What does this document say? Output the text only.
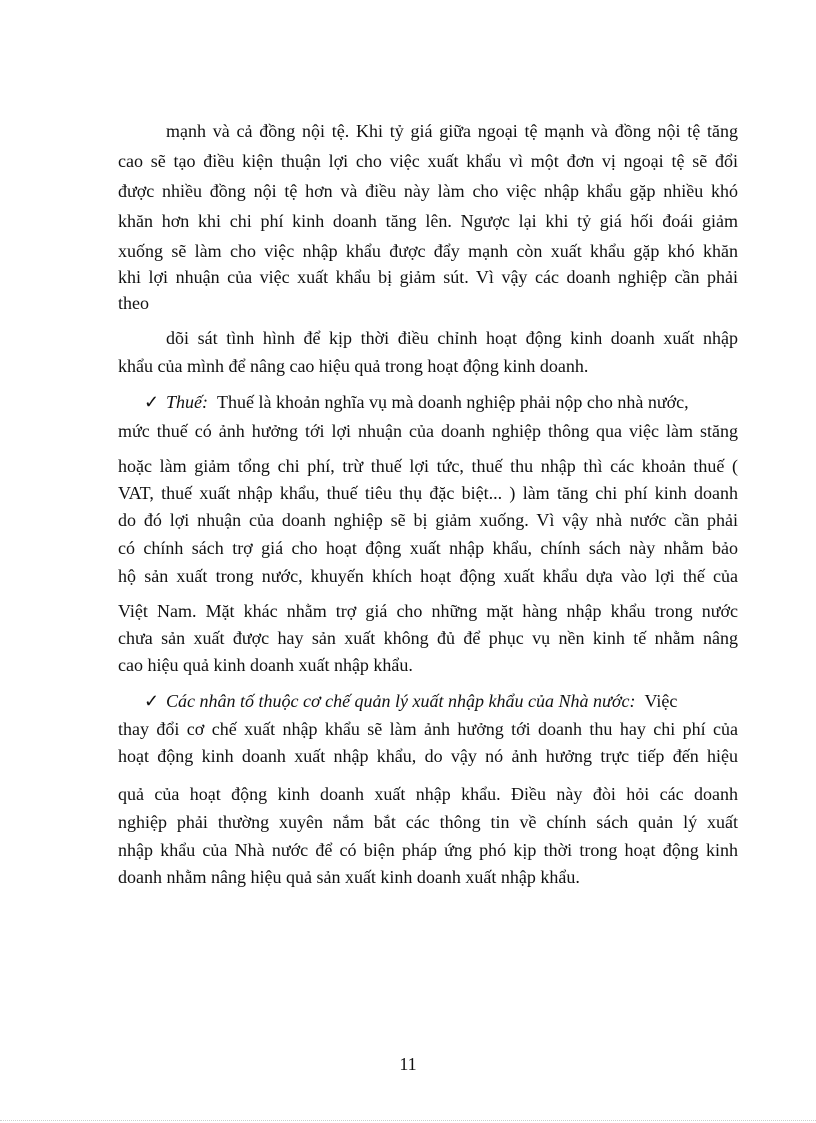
mạnh và cả đồng nội tệ. Khi tỷ giá giữa ngoại tệ mạnh và đồng nội tệ tăng
cao sẽ tạo điều kiện thuận lợi cho việc xuất khẩu vì một đơn vị ngoại tệ sẽ đổi
được nhiều đồng nội tệ hơn và điều này làm cho việc nhập khẩu gặp nhiều khó
khăn hơn khi chi phí kinh doanh tăng lên. Ngược lại khi tỷ giá hối đoái giảm
xuống sẽ làm cho việc nhập khẩu được đẩy mạnh còn xuất khẩu gặp khó khăn
khi lợi nhuận của việc xuất khẩu bị giảm sút. Vì vậy các doanh nghiệp cần phải
theo
dõi sát tình hình để kịp thời điều chỉnh hoạt động kinh doanh xuất nhập
khẩu của mình để nâng cao hiệu quả trong hoạt động kinh doanh.
✓ Thuế: Thuế là khoản nghĩa vụ mà doanh nghiệp phải nộp cho nhà nước,
mức thuế có ảnh hưởng tới lợi nhuận của doanh nghiệp thông qua việc làm stăng
hoặc làm giảm tổng chi phí, trừ thuế lợi tức, thuế thu nhập thì các khoản thuế (
VAT, thuế xuất nhập khẩu, thuế tiêu thụ đặc biệt... ) làm tăng chi phí kinh doanh
do đó lợi nhuận của doanh nghiệp sẽ bị giảm xuống. Vì vậy nhà nước cần phải
có chính sách trợ giá cho hoạt động xuất nhập khẩu, chính sách này nhằm bảo
hộ sản xuất trong nước, khuyến khích hoạt động xuất khẩu dựa vào lợi thế của
Việt Nam. Mặt khác nhằm trợ giá cho những mặt hàng nhập khẩu trong nước
chưa sản xuất được hay sản xuất không đủ để phục vụ nền kinh tế nhằm nâng
cao hiệu quả kinh doanh xuất nhập khẩu.
✓ Các nhân tố thuộc cơ chế quản lý xuất nhập khẩu của Nhà nước: Việc
thay đổi cơ chế xuất nhập khẩu sẽ làm ảnh hưởng tới doanh thu hay chi phí của
hoạt động kinh doanh xuất nhập khẩu, do vậy nó ảnh hưởng trực tiếp đến hiệu
quả của hoạt động kinh doanh xuất nhập khẩu. Điều này đòi hỏi các doanh
nghiệp phải thường xuyên nắm bắt các thông tin về chính sách quản lý xuất
nhập khẩu của Nhà nước để có biện pháp ứng phó kịp thời trong hoạt động kinh
doanh nhằm nâng hiệu quả sản xuất kinh doanh xuất nhập khẩu.
11
